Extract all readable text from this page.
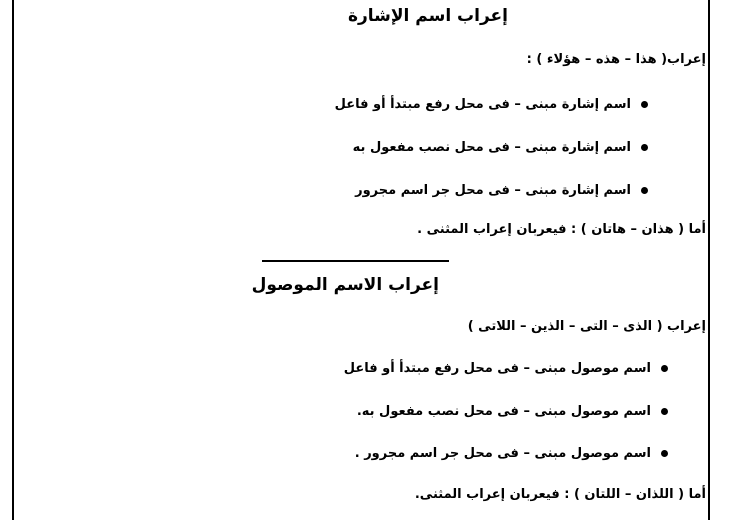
إعراب اسم الإشارة
إعراب( هذا – هذه – هؤلاء ) :
اسم إشارة مبنى – فى محل رفع مبتدأ أو فاعل
اسم إشارة مبنى – فى محل نصب مفعول به
اسم إشارة مبنى – فى محل جر اسم مجرور
أما ( هذان – هاتان ) : فيعربان إعراب المثنى .
إعراب الاسم الموصول
إعراب ( الذى – التى – الذين – اللاتى )
اسم موصول مبنى – فى محل رفع مبتدأ أو فاعل
اسم موصول مبنى – فى محل نصب مفعول به.
اسم موصول مبنى – فى محل جر اسم مجرور .
أما ( اللذان – اللتان ) : فيعربان إعراب المثنى.
